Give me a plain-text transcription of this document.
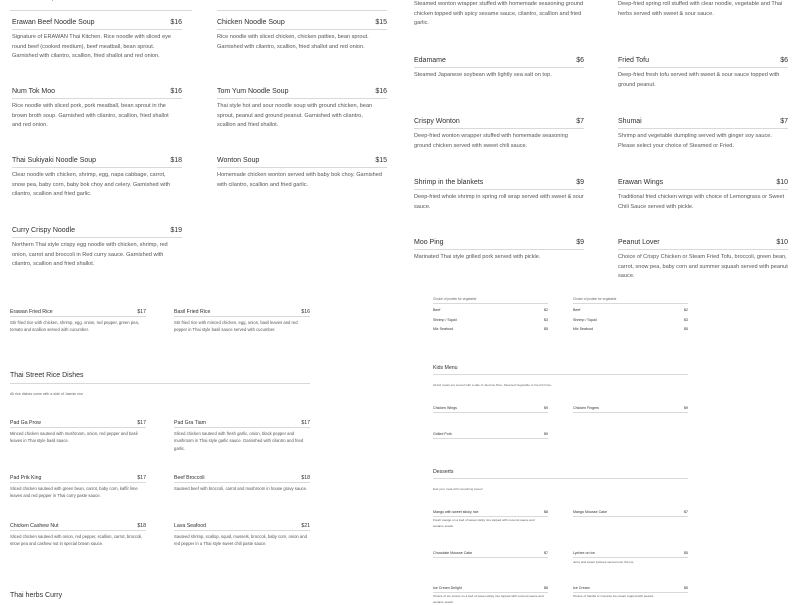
Erawan Beef Noodle Soup	$16
Signature of ERAWAN Thai Kitchen. Rice noodle with sliced eye round beef (cooked medium), beef meatball, bean sprout. Garnished with cilantro, scallion, fried shallot and red onion.
Chicken Noodle Soup	$15
Rice noodle with sliced chicken, chicken patties, bean sprout. Garnished with cilantro, scallion, fried shallot and red onion.
Num Tok Moo	$16
Rice noodle with sliced pork, pork meatball, bean sprout in the brown broth soup. Garnished with cilantro, scallion, fried shallot and red onion.
Tom Yum Noodle Soup	$16
Thai style hot and sour noodle soup with ground chicken, bean sprout, peanut and ground peanut. Garnished with cilantro, scallion and fried shallot.
Thai Sukiyaki Noodle Soup	$18
Clear noodle with chicken, shrimp, egg, napa cabbage, carrot, snow pea, baby corn, baby bok choy and celery. Garnished with cilantro, scallion and fried garlic.
Wonton Soup	$15
Homemade chicken wonton served with baby bok choy. Garnished with cilantro, scallion and fried garlic.
Curry Crispy Noodle	$19
Northern Thai style crispy egg noodle with chicken, shrimp, red onion, carrot and broccoli in Red curry sauce. Garnished with cilantro, scallion and fried shallot.
Steamed wonton wrapper stuffed with homemade seasoning ground chicken topped with spicy sesame sauce, cilantro, scallion and fried garlic.
Deep-fried spring roll stuffed with clear noodle, vegetable and Thai herbs served with sweet & sour sauce.
Edamame	$6
Steamed Japanese soybean with lightly sea salt on top.
Crispy Wonton	$7
Deep-fried wonton wrapper stuffed with homemade seasoning ground chicken served with sweet chili sauce.
Shrimp in the blankets	$9
Deep-fried whole shrimp in spring roll wrap served with sweet & sour sauce.
Moo Ping	$9
Marinated Thai style grilled pork served with pickle.
Fried Tofu	$6
Deep-fried fresh tofu served with sweet & sour sauce topped with ground peanut.
Shumai	$7
Shrimp and vegetable dumpling served with ginger soy sauce. Please select your choice of Steamed or Fried.
Erawan Wings	$10
Traditional fried chicken wings with choice of Lemongrass or Sweet Chili Sauce served with pickle.
Peanut Lover	$10
Choice of Crispy Chicken or Steam Fried Tofu, broccoli, green bean, carrot, snow pea, baby corn and summer squash served with peanut sauce.
Erawan Fried Rice	$17
Stir fried rice with chicken, shrimp, egg, onion, red pepper, green pea, tomato and scallion served with cucumber.
Basil Fried Rice	$16
Stir fried rice with minced chicken, egg, onion, basil leaves and red pepper in Thai style basil sauce served with cucumber.
Thai Street Rice Dishes
All rice dishes come with a side of Jasmin rice
Pad Ga Prow	$17
Minced chicken sauteed with mushroom, onion, red pepper and basil leaves in Thai style basil sauce.
Pad Gra Tiam	$17
Sliced chicken sauteed with fresh garlic, onion, black pepper and mushroom in Thai style garlic sauce. Garnished with cilantro and fried garlic.
Pad Prik King	$17
Sliced chicken sauteed with green bean, carrot, baby corn, kaffir lime leaves and red pepper in Thai curry paste sauce.
Beef Broccoli	$18
Sauteed beef with broccoli, carrot and mushroom in house gravy sauce.
Chicken Cashew Nut	$18
Sliced chicken sauteed with onion, red pepper, scallion, carrot, broccoli, snow pea and cashew nut in special brown sauce.
Lava Seafood	$21
Sauteed shrimp, scallop, squid, mussels, broccoli, baby corn, onion and red pepper in a Thai style sweet chili paste sauce.
Thai herbs Curry
Choice of protein for vegetable
Beef	$2
Shrimp / Squid	$3
Mix Seafood	$5
Choice of protein for vegetable
Beef	$2
Shrimp / Squid	$3
Mix Seafood	$5
Kids Menu
All kid meals are served with a side of Jasmine Rice, Steamed Vegetable or French Fries.
Chicken Wings	$9	Chicken Fingers	$9
Grilled Pork	$9
Desserts
End your meal with something sweet!
Mango with sweet sticky rice	$8
Fresh mango on a bed of sweet sticky rice topped with coconut sauce and sesame seeds.
Mango Mousse Cake	$7
Chocolate Mousse Cake	$7	Lychee on ice	$5
Juicy and sweet lychees served over the ice.
Ice Cream Delight	$8
Choice of ice cream on a bed of sweet sticky rice topped with coconut sauce and sesame seeds.
Ice Cream	$5
Choice of Vanilla or Coconut ice cream topped with peanut.
